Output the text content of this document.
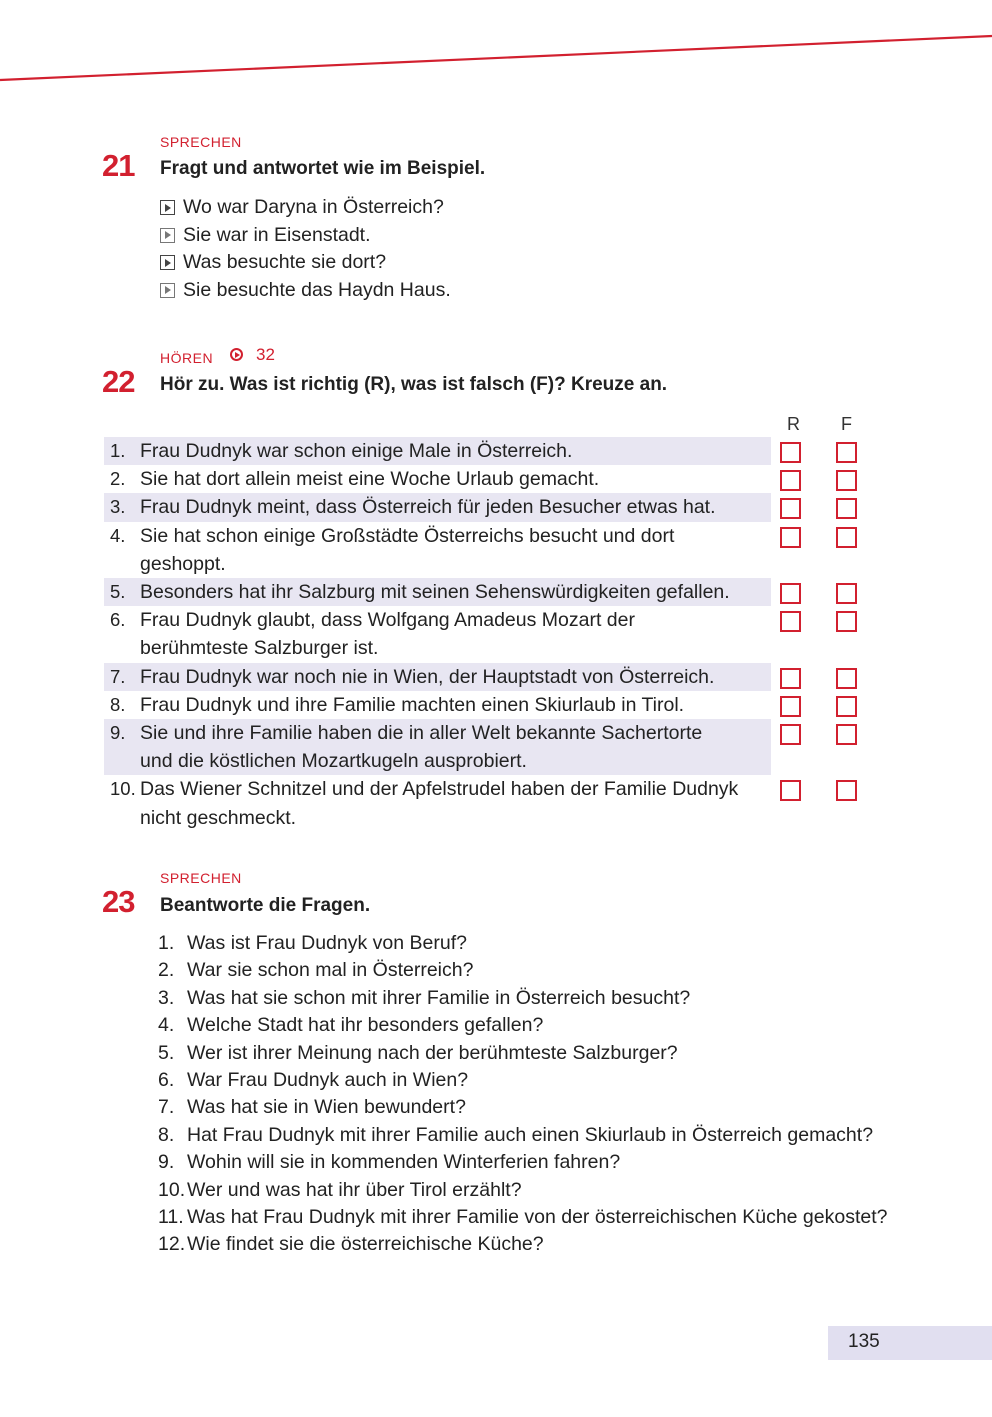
SPRECHEN
21 Fragt und antwortet wie im Beispiel.
Wo war Daryna in Österreich?
Sie war in Eisenstadt.
Was besuchte sie dort?
Sie besuchte das Haydn Haus.
HÖREN	32
22 Hör zu. Was ist richtig (R), was ist falsch (F)? Kreuze an.
R F
1. Frau Dudnyk war schon einige Male in Österreich.
2. Sie hat dort allein meist eine Woche Urlaub gemacht.
3. Frau Dudnyk meint, dass Österreich für jeden Besucher etwas hat.
4. Sie hat schon einige Großstädte Österreichs besucht und dort
geshoppt.
5. Besonders hat ihr Salzburg mit seinen Sehenswürdigkeiten gefallen.
6. Frau Dudnyk glaubt, dass Wolfgang Amadeus Mozart der
berühmteste Salzburger ist.
7. Frau Dudnyk war noch nie in Wien, der Hauptstadt von Österreich.
8. Frau Dudnyk und ihre Familie machten einen Skiurlaub in Tirol.
9. Sie und ihre Familie haben die in aller Welt bekannte Sachertorte
und die köstlichen Mozartkugeln ausprobiert.
10. Das Wiener Schnitzel und der Apfelstrudel haben der Familie Dudnyk
nicht geschmeckt.
SPRECHEN
23 Beantworte die Fragen.
1. Was ist Frau Dudnyk von Beruf?
2. War sie schon mal in Österreich?
3. Was hat sie schon mit ihrer Familie in Österreich besucht?
4. Welche Stadt hat ihr besonders gefallen?
5. Wer ist ihrer Meinung nach der berühmteste Salzburger?
6. War Frau Dudnyk auch in Wien?
7. Was hat sie in Wien bewundert?
8. Hat Frau Dudnyk mit ihrer Familie auch einen Skiurlaub in Österreich gemacht?
9. Wohin will sie in kommenden Winterferien fahren?
10. Wer und was hat ihr über Tirol erzählt?
11. Was hat Frau Dudnyk mit ihrer Familie von der österreichischen Küche gekostet?
12. Wie findet sie die österreichische Küche?
135
